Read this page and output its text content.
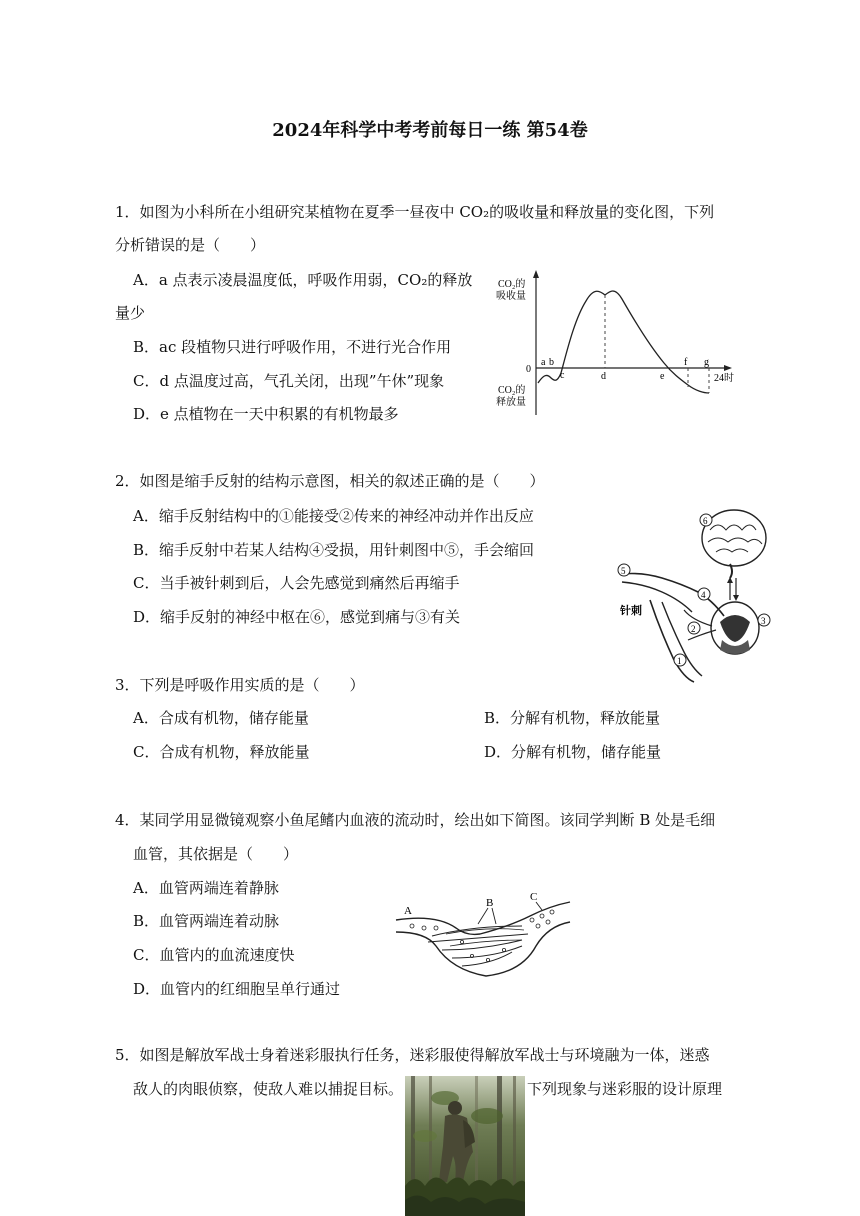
2024年科学中考考前每日一练 第54卷
1．如图为小科所在小组研究某植物在夏季一昼夜中 CO₂的吸收量和释放量的变化图，下列
分析错误的是（　　）
A．a 点表示凌晨温度低，呼吸作用弱，CO₂的释放
量少
B．ac 段植物只进行呼吸作用，不进行光合作用
C．d 点温度过高，气孔关闭，出现”午休”现象
D．e 点植物在一天中积累的有机物最多
CO₂的
吸收量
CO₂的
释放量
0
a b
c	d	e
f g
24时
2．如图是缩手反射的结构示意图，相关的叙述正确的是（　　）
A．缩手反射结构中的①能接受②传来的神经冲动并作出反应
B．缩手反射中若某人结构④受损，用针刺图中⑤，手会缩回
C．当手被针刺到后，人会先感觉到痛然后再缩手
D．缩手反射的神经中枢在⑥，感觉到痛与③有关
6
5
4
2
3
1
针刺
3．下列是呼吸作用实质的是（　　）
A．合成有机物，储存能量	B．分解有机物，释放能量
C．合成有机物，释放能量	D．分解有机物，储存能量
4．某同学用显微镜观察小鱼尾鳍内血液的流动时，绘出如下简图。该同学判断 B 处是毛细
血管，其依据是（　　）
A．血管两端连着静脉
B．血管两端连着动脉
C．血管内的血流速度快
D．血管内的红细胞呈单行通过
A
B	C
5．如图是解放军战士身着迷彩服执行任务，迷彩服使得解放军战士与环境融为一体，迷惑
敌人的肉眼侦察，使敌人难以捕捉目标。	下列现象与迷彩服的设计原理
